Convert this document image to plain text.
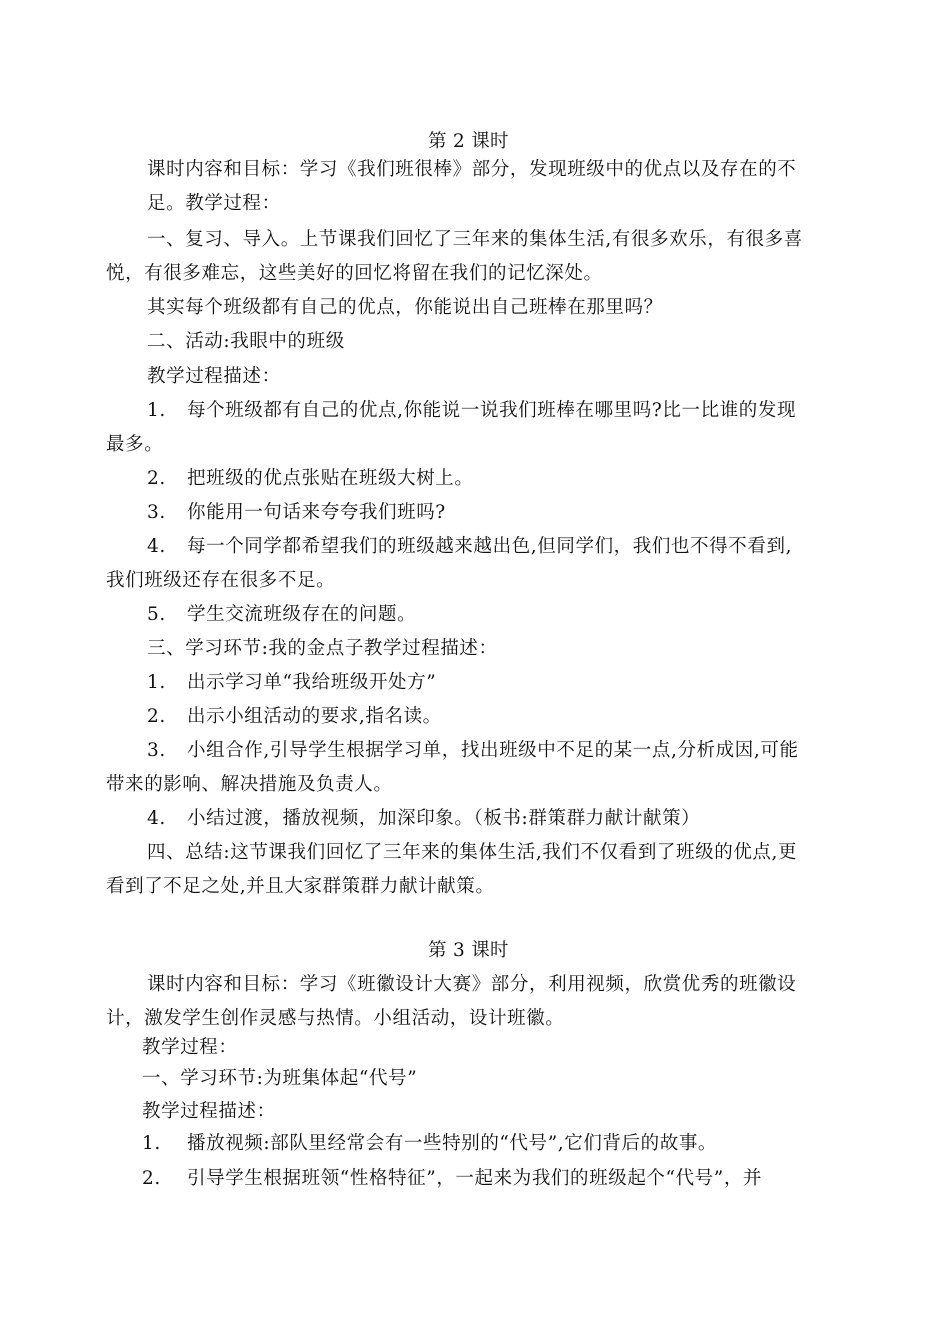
第 2 课时
课时内容和目标：学习《我们班很棒》部分，发现班级中的优点以及存在的不
足。教学过程：
一、复习、导入。上节课我们回忆了三年来的集体生活,有很多欢乐，有很多喜
悦，有很多难忘，这些美好的回忆将留在我们的记忆深处。
其实每个班级都有自己的优点，你能说出自己班棒在那里吗？
二、活动:我眼中的班级
教学过程描述：
1. 每个班级都有自己的优点,你能说一说我们班棒在哪里吗?比一比谁的发现
最多。
2. 把班级的优点张贴在班级大树上。
3. 你能用一句话来夸夸我们班吗?
4. 每一个同学都希望我们的班级越来越出色,但同学们，我们也不得不看到,
我们班级还存在很多不足。
5. 学生交流班级存在的问题。
三、学习环节:我的金点子教学过程描述：
1. 出示学习单“我给班级开处方”
2. 出示小组活动的要求,指名读。
3. 小组合作,引导学生根据学习单，找出班级中不足的某一点,分析成因,可能
带来的影响、解决措施及负责人。
4. 小结过渡，播放视频，加深印象。（板书:群策群力献计献策）
四、总结:这节课我们回忆了三年来的集体生活,我们不仅看到了班级的优点,更
看到了不足之处,并且大家群策群力献计献策。
第 3 课时
课时内容和目标：学习《班徽设计大赛》部分，利用视频，欣赏优秀的班徽设
计，激发学生创作灵感与热情。小组活动，设计班徽。
教学过程：
一、学习环节:为班集体起“代号”
教学过程描述：
1. 播放视频:部队里经常会有一些特别的“代号”,它们背后的故事。
2. 引导学生根据班领“性格特征”，一起来为我们的班级起个“代号”，并
